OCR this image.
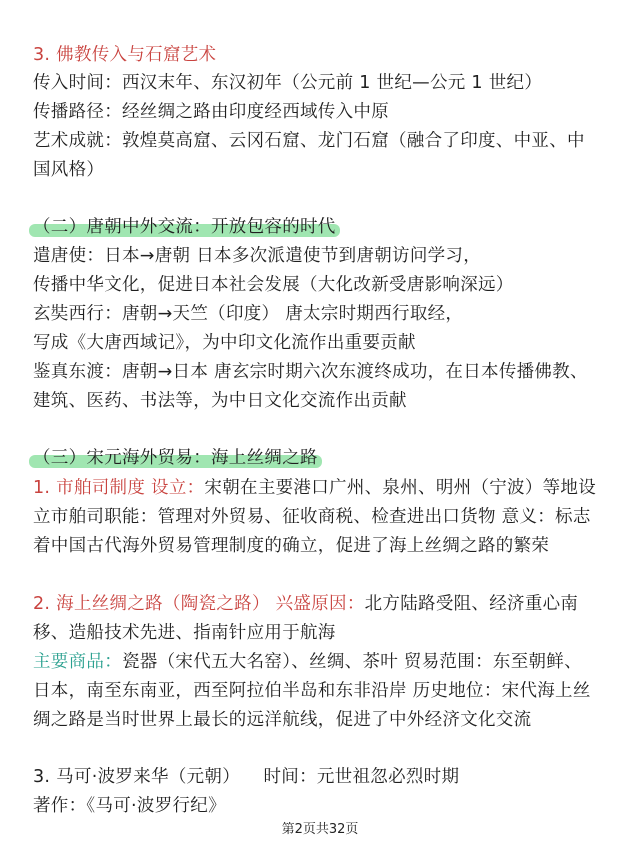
3. 佛教传入与石窟艺术
传入时间：西汉末年、东汉初年（公元前 1 世纪—公元 1 世纪）
传播路径：经丝绸之路由印度经西域传入中原
艺术成就：敦煌莫高窟、云冈石窟、龙门石窟（融合了印度、中亚、中
国风格）
（二）唐朝中外交流：开放包容的时代
遣唐使：日本→唐朝 日本多次派遣使节到唐朝访问学习，
传播中华文化，促进日本社会发展（大化改新受唐影响深远）
玄奘西行：唐朝→天竺（印度） 唐太宗时期西行取经，
写成《大唐西域记》，为中印文化流作出重要贡献
鉴真东渡：唐朝→日本 唐玄宗时期六次东渡终成功，在日本传播佛教、
建筑、医药、书法等，为中日文化交流作出贡献
（三）宋元海外贸易：海上丝绸之路
1. 市舶司制度 设立：宋朝在主要港口广州、泉州、明州（宁波）等地设
立市舶司职能：管理对外贸易、征收商税、检查进出口货物 意义：标志
着中国古代海外贸易管理制度的确立，促进了海上丝绸之路的繁荣
2. 海上丝绸之路（陶瓷之路） 兴盛原因：北方陆路受阻、经济重心南
移、造船技术先进、指南针应用于航海
主要商品：瓷器（宋代五大名窑）、丝绸、茶叶 贸易范围：东至朝鲜、
日本，南至东南亚，西至阿拉伯半岛和东非沿岸 历史地位：宋代海上丝
绸之路是当时世界上最长的远洋航线，促进了中外经济文化交流
3. 马可·波罗来华（元朝）    时间：元世祖忽必烈时期
著作：《马可·波罗行纪》
第2页共32页
